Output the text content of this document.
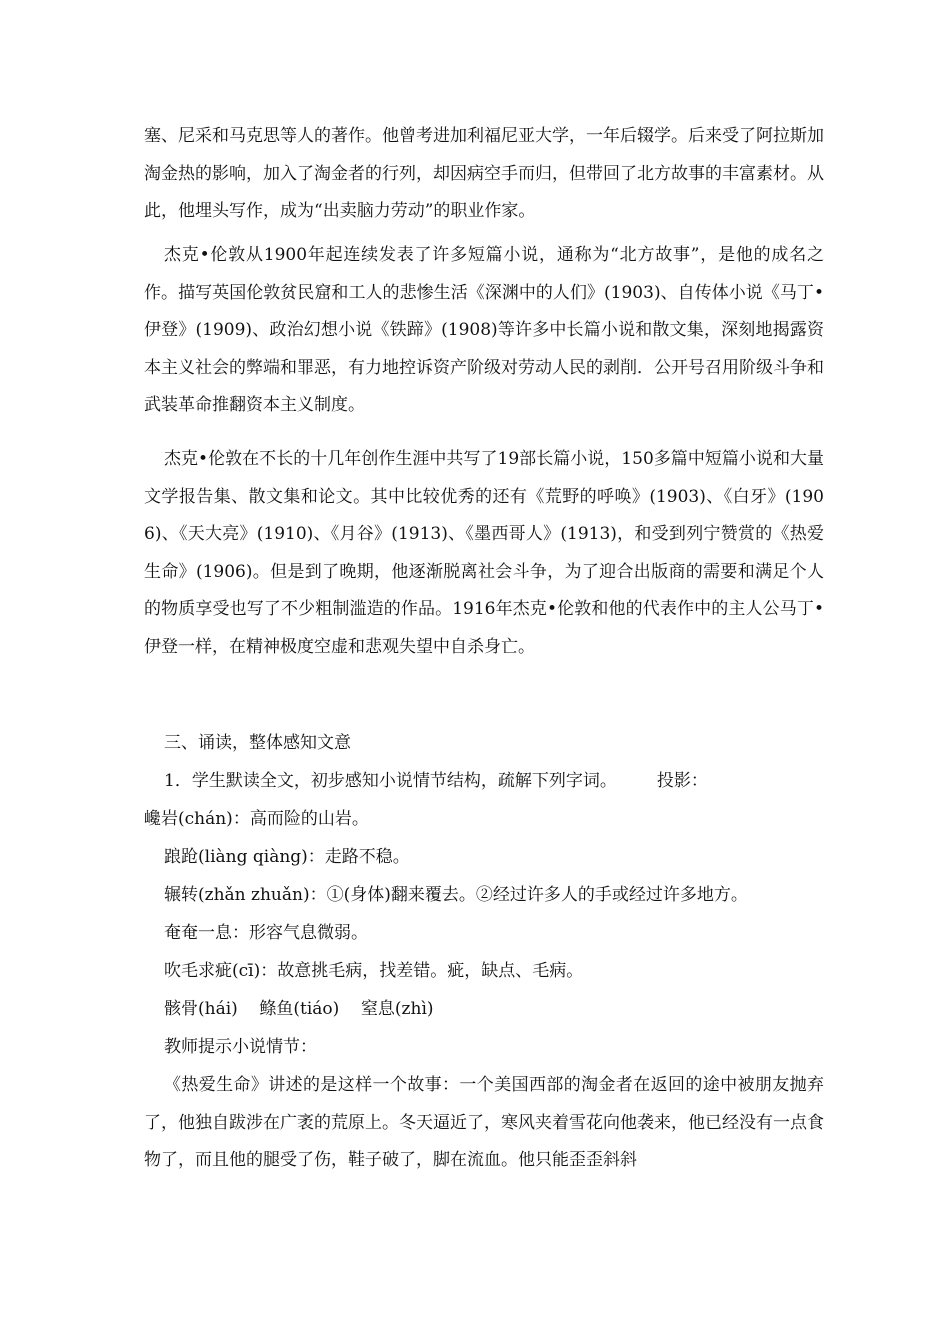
塞、尼采和马克思等人的著作。他曾考进加利福尼亚大学，一年后辍学。后来受了阿拉斯加淘金热的影响，加入了淘金者的行列，却因病空手而归，但带回了北方故事的丰富素材。从此，他埋头写作，成为“出卖脑力劳动”的职业作家。

杰克•伦敦从1900年起连续发表了许多短篇小说，通称为“北方故事”，是他的成名之作。描写英国伦敦贫民窟和工人的悲惨生活《深渊中的人们》(1903)、自传体小说《马丁•伊登》(1909)、政治幻想小说《铁蹄》(1908)等许多中长篇小说和散文集，深刻地揭露资本主义社会的弊端和罪恶，有力地控诉资产阶级对劳动人民的剥削．公开号召用阶级斗争和武装革命推翻资本主义制度。

杰克•伦敦在不长的十几年创作生涯中共写了19部长篇小说，150多篇中短篇小说和大量文学报告集、散文集和论文。其中比较优秀的还有《荒野的呼唤》(1903)、《白牙》(1906)、《天大亮》(1910)、《月谷》(1913)、《墨西哥人》(1913)，和受到列宁赞赏的《热爱生命》(1906)。但是到了晚期，他逐渐脱离社会斗争，为了迎合出版商的需要和满足个人的物质享受也写了不少粗制滥造的作品。1916年杰克•伦敦和他的代表作中的主人公马丁•伊登一样，在精神极度空虚和悲观失望中自杀身亡。

三、诵读，整体感知文意

1．学生默读全文，初步感知小说情节结构，疏解下列字词。 投影：

巉岩(chán)：高而险的山岩。

踉跄(liàng qiàng)：走路不稳。

辗转(zhǎn zhuǎn)：①(身体)翻来覆去。②经过许多人的手或经过许多地方。

奄奄一息：形容气息微弱。

吹毛求疵(cī)：故意挑毛病，找差错。疵，缺点、毛病。

骸骨(hái)    鲦鱼(tiáo)    窒息(zhì)

教师提示小说情节：

《热爱生命》讲述的是这样一个故事：一个美国西部的淘金者在返回的途中被朋友抛弃了，他独自跋涉在广袤的荒原上。冬天逼近了，寒风夹着雪花向他袭来，他已经没有一点食物了，而且他的腿受了伤，鞋子破了，脚在流血。他只能歪歪斜斜
